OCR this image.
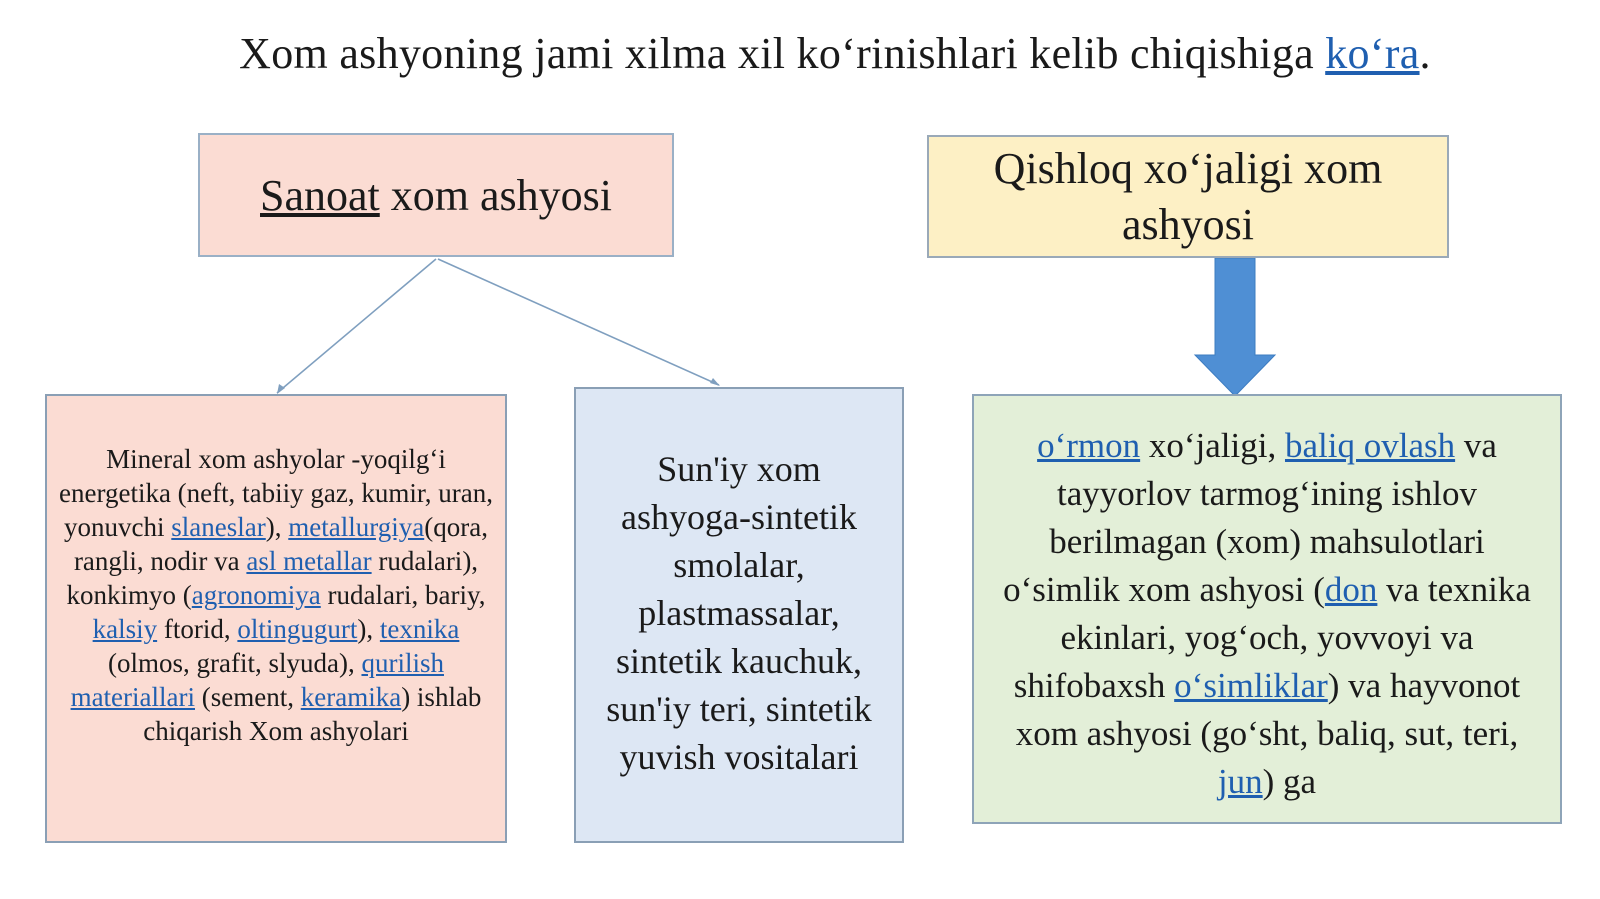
Xom ashyoning jami xilma xil ko‘rinishlari kelib chiqishiga ko‘ra.
Sanoat xom ashyosi
Qishloq xo‘jaligi xom ashyosi
Mineral xom ashyolar -yoqilg‘i energetika (neft, tabiiy gaz, kumir, uran, yonuvchi slaneslar), metallurgiya(qora, rangli, nodir va asl metallar rudalari), konkimyo (agronomiya rudalari, bariy, kalsiy ftorid, oltingugurt), texnika (olmos, grafit, slyuda), qurilish materiallari (sement, keramika) ishlab chiqarish Xom ashyolari
Sun'iy xom ashyoga-sintetik smolalar, plastmassalar, sintetik kauchuk, sun'iy teri, sintetik yuvish vositalari
o‘rmon xo‘jaligi, baliq ovlash va tayyorlov tarmog‘ining ishlov berilmagan (xom) mahsulotlari o‘simlik xom ashyosi (don va texnika ekinlari, yog‘och, yovvoyi va shifobaxsh o‘simliklar) va hayvonot xom ashyosi (go‘sht, baliq, sut, teri, jun) ga
